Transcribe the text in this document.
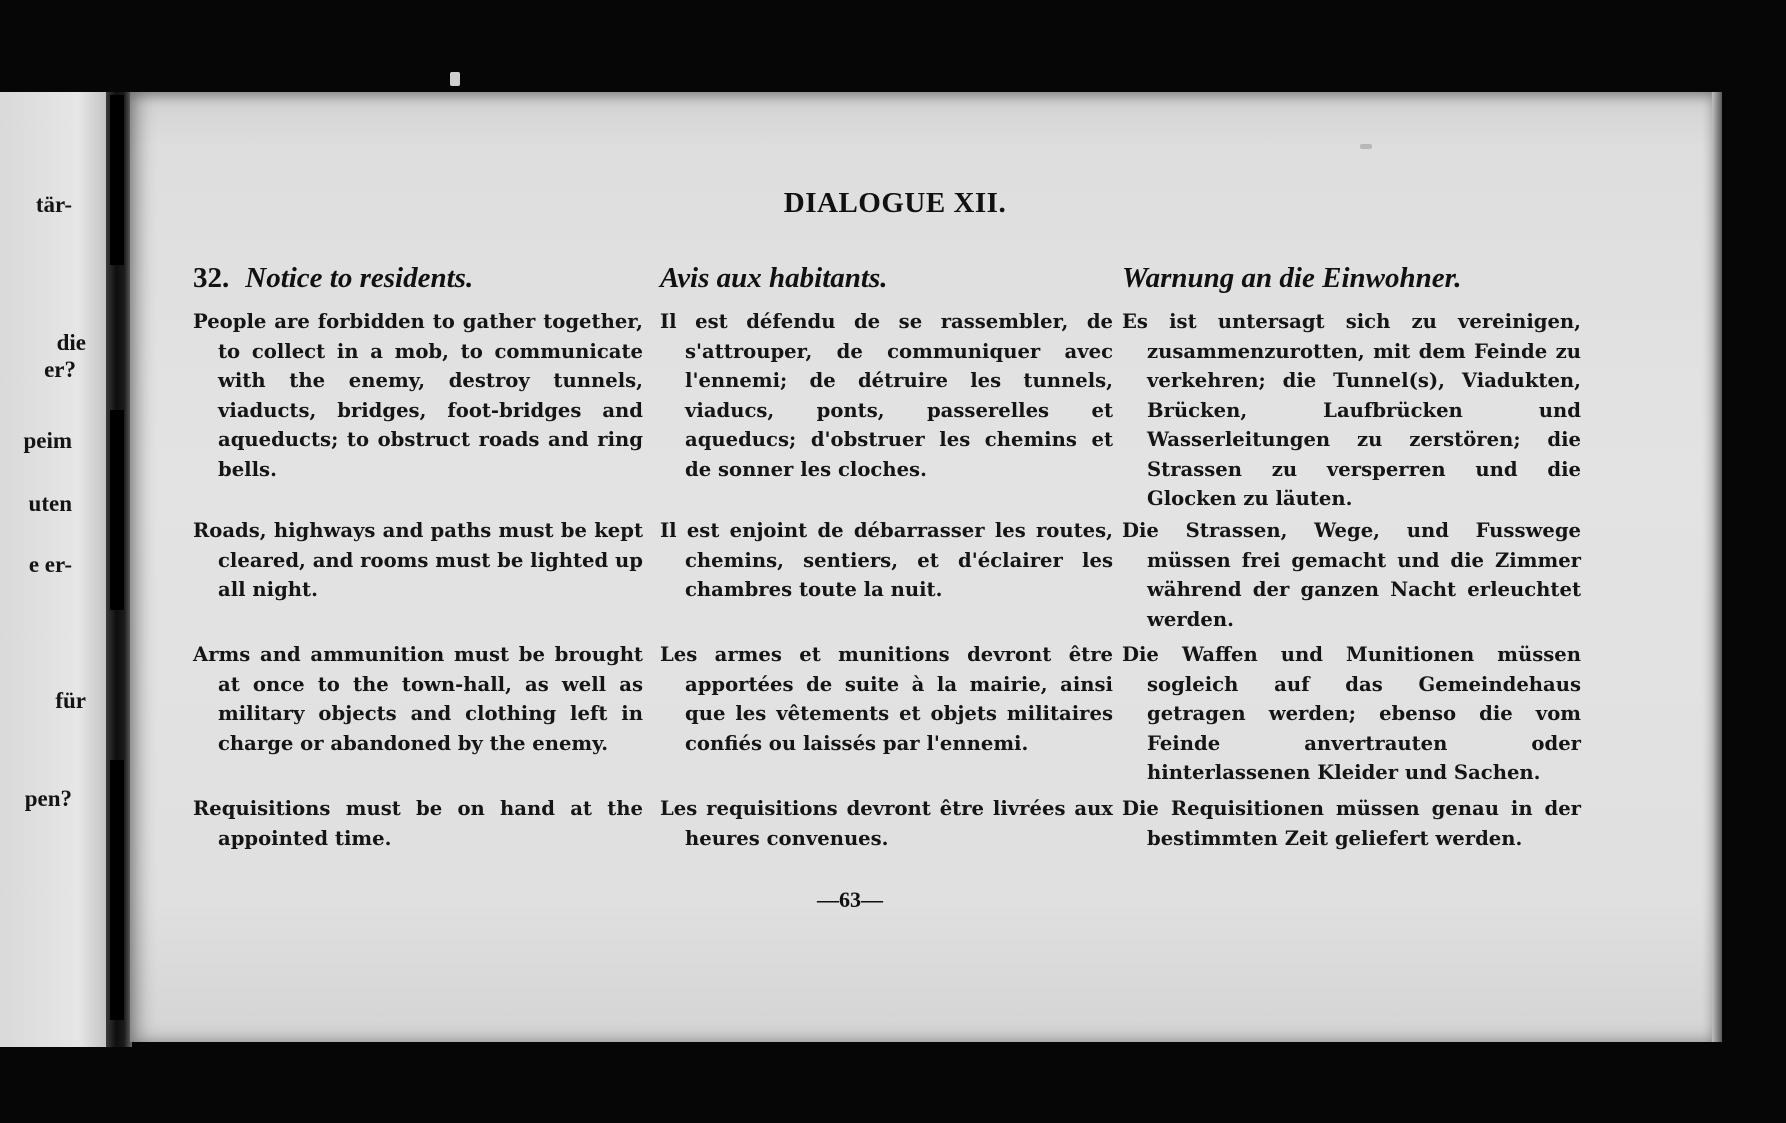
tär-
die
er?
peim
uten
e er-
für
pen?
DIALOGUE XII.
32. Notice to residents.
People are forbidden to gather together, to collect in a mob, to communicate with the enemy, destroy tunnels, viaducts, bridges, foot-bridges and aqueducts; to obstruct roads and ring bells.
Roads, highways and paths must be kept cleared, and rooms must be lighted up all night.
Arms and ammunition must be brought at once to the town-hall, as well as military objects and clothing left in charge or abandoned by the enemy.
Requisitions must be on hand at the appointed time.
Avis aux habitants.
Il est défendu de se rassembler, de s'attrouper, de communiquer avec l'ennemi; de détruire les tunnels, viaducs, ponts, passerelles et aqueducs; d'obstruer les chemins et de sonner les cloches.
Il est enjoint de débarrasser les routes, chemins, sentiers, et d'éclairer les chambres toute la nuit.
Les armes et munitions devront être apportées de suite à la mairie, ainsi que les vêtements et objets militaires confiés ou laissés par l'ennemi.
Les requisitions devront être livrées aux heures convenues.
Warnung an die Einwohner.
Es ist untersagt sich zu vereinigen, zusammenzurotten, mit dem Feinde zu verkehren; die Tunnel(s), Viadukten, Brücken, Laufbrücken und Wasserleitungen zu zerstören; die Strassen zu versperren und die Glocken zu läuten.
Die Strassen, Wege, und Fusswege müssen frei gemacht und die Zimmer während der ganzen Nacht erleuchtet werden.
Die Waffen und Munitionen müssen sogleich auf das Gemeindehaus getragen werden; ebenso die vom Feinde anvertrauten oder hinterlassenen Kleider und Sachen.
Die Requisitionen müssen genau in der bestimmten Zeit geliefert werden.
—63—
